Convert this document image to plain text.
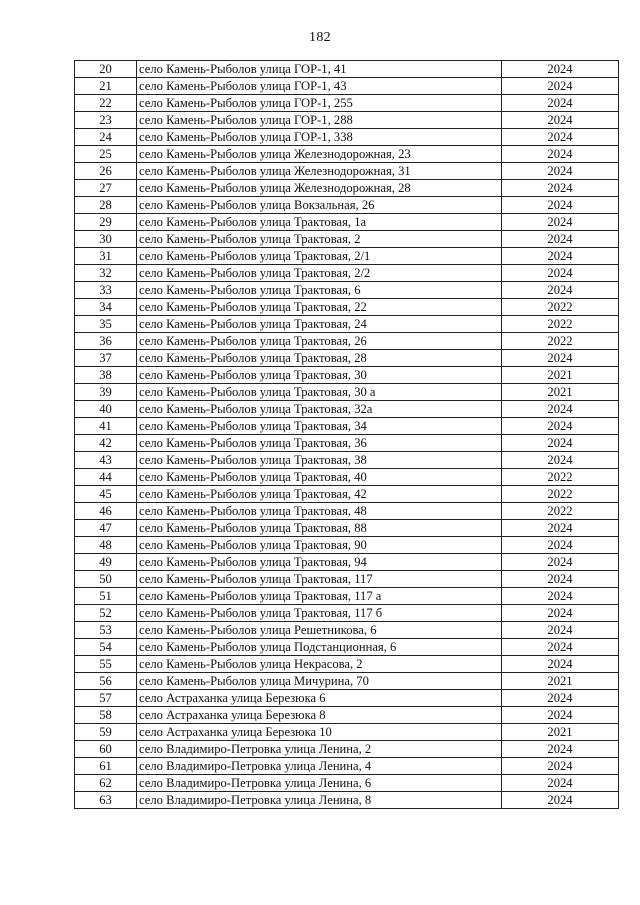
182
20	село Камень-Рыболов улица ГОР-1, 41	2024
21	село Камень-Рыболов улица ГОР-1, 43	2024
22	село Камень-Рыболов улица ГОР-1, 255	2024
23	село Камень-Рыболов улица ГОР-1, 288	2024
24	село Камень-Рыболов улица ГОР-1, 338	2024
25	село Камень-Рыболов улица Железнодорожная, 23	2024
26	село Камень-Рыболов улица Железнодорожная, 31	2024
27	село Камень-Рыболов улица Железнодорожная, 28	2024
28	село Камень-Рыболов улица Вокзальная, 26	2024
29	село Камень-Рыболов улица Трактовая, 1а	2024
30	село Камень-Рыболов улица Трактовая, 2	2024
31	село Камень-Рыболов улица Трактовая, 2/1	2024
32	село Камень-Рыболов улица Трактовая, 2/2	2024
33	село Камень-Рыболов улица Трактовая, 6	2024
34	село Камень-Рыболов улица Трактовая, 22	2022
35	село Камень-Рыболов улица Трактовая, 24	2022
36	село Камень-Рыболов улица Трактовая, 26	2022
37	село Камень-Рыболов улица Трактовая, 28	2024
38	село Камень-Рыболов улица Трактовая, 30	2021
39	село Камень-Рыболов улица Трактовая, 30 а	2021
40	село Камень-Рыболов улица Трактовая, 32а	2024
41	село Камень-Рыболов улица Трактовая, 34	2024
42	село Камень-Рыболов улица Трактовая, 36	2024
43	село Камень-Рыболов улица Трактовая, 38	2024
44	село Камень-Рыболов улица Трактовая, 40	2022
45	село Камень-Рыболов улица Трактовая, 42	2022
46	село Камень-Рыболов улица Трактовая, 48	2022
47	село Камень-Рыболов улица Трактовая, 88	2024
48	село Камень-Рыболов улица Трактовая, 90	2024
49	село Камень-Рыболов улица Трактовая, 94	2024
50	село Камень-Рыболов улица Трактовая, 117	2024
51	село Камень-Рыболов улица Трактовая, 117 а	2024
52	село Камень-Рыболов улица Трактовая, 117 б	2024
53	село Камень-Рыболов улица Решетникова, 6	2024
54	село Камень-Рыболов улица Подстанционная, 6	2024
55	село Камень-Рыболов улица Некрасова, 2	2024
56	село Камень-Рыболов улица Мичурина, 70	2021
57	село Астраханка улица Березюка 6	2024
58	село Астраханка улица Березюка 8	2024
59	село Астраханка улица Березюка 10	2021
60	село Владимиро-Петровка улица Ленина, 2	2024
61	село Владимиро-Петровка улица Ленина, 4	2024
62	село Владимиро-Петровка улица Ленина, 6	2024
63	село Владимиро-Петровка улица Ленина, 8	2024
